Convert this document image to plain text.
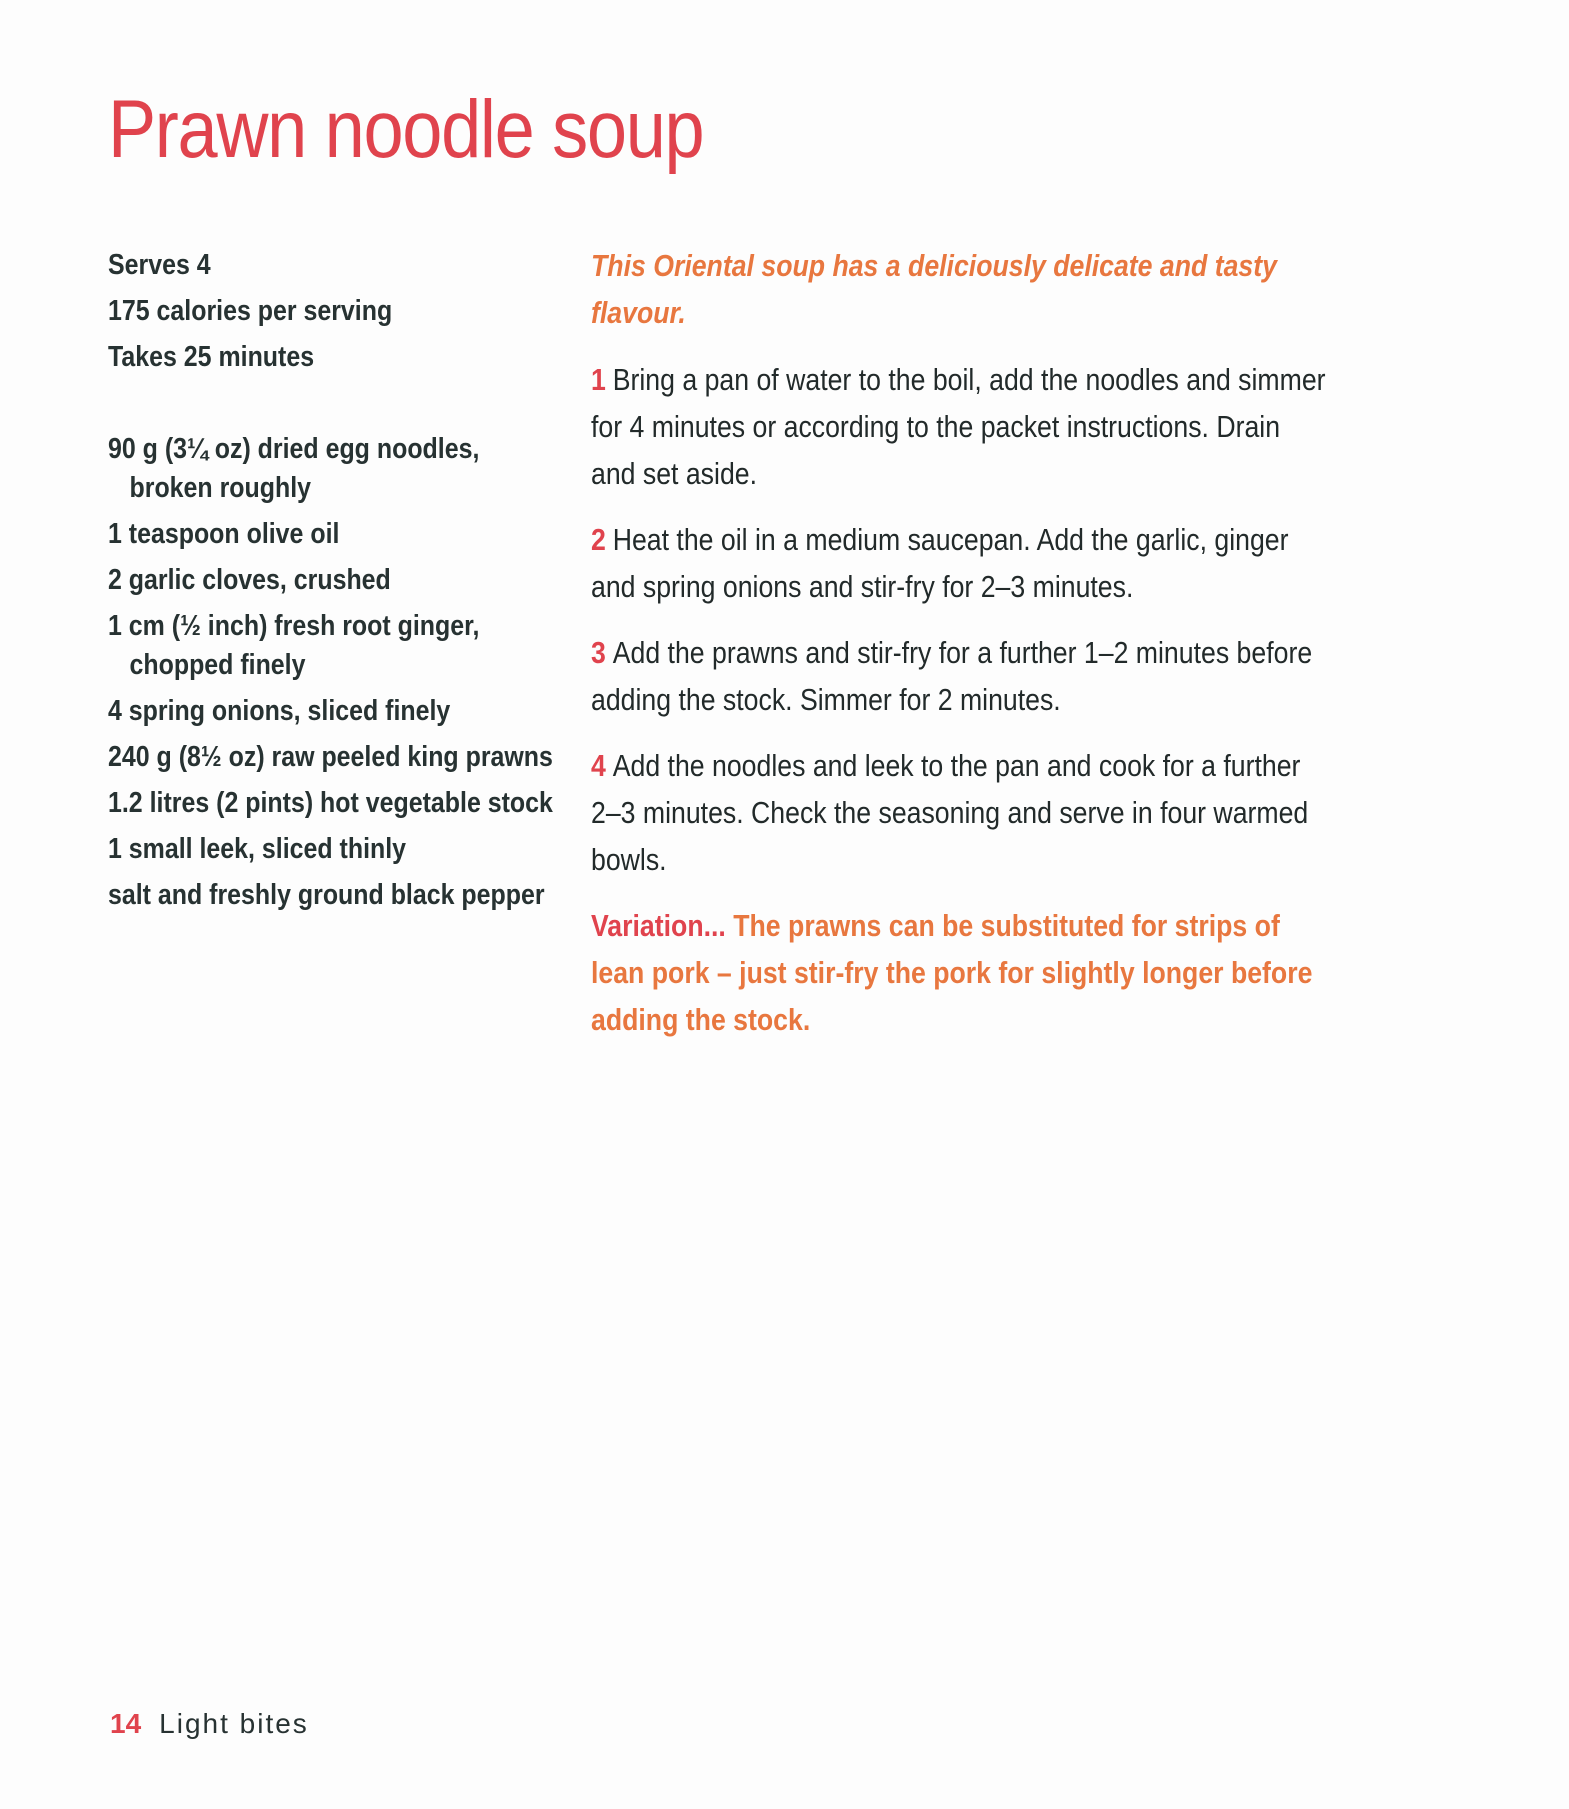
Prawn noodle soup
Serves 4
175 calories per serving
Takes 25 minutes
90 g (3¼ oz) dried egg noodles, broken roughly
1 teaspoon olive oil
2 garlic cloves, crushed
1 cm (½ inch) fresh root ginger, chopped finely
4 spring onions, sliced finely
240 g (8½ oz) raw peeled king prawns
1.2 litres (2 pints) hot vegetable stock
1 small leek, sliced thinly
salt and freshly ground black pepper
This Oriental soup has a deliciously delicate and tasty flavour.
1 Bring a pan of water to the boil, add the noodles and simmer for 4 minutes or according to the packet instructions. Drain and set aside.
2 Heat the oil in a medium saucepan. Add the garlic, ginger and spring onions and stir-fry for 2–3 minutes.
3 Add the prawns and stir-fry for a further 1–2 minutes before adding the stock. Simmer for 2 minutes.
4 Add the noodles and leek to the pan and cook for a further 2–3 minutes. Check the seasoning and serve in four warmed bowls.
Variation... The prawns can be substituted for strips of lean pork – just stir-fry the pork for slightly longer before adding the stock.
14 Light bites
